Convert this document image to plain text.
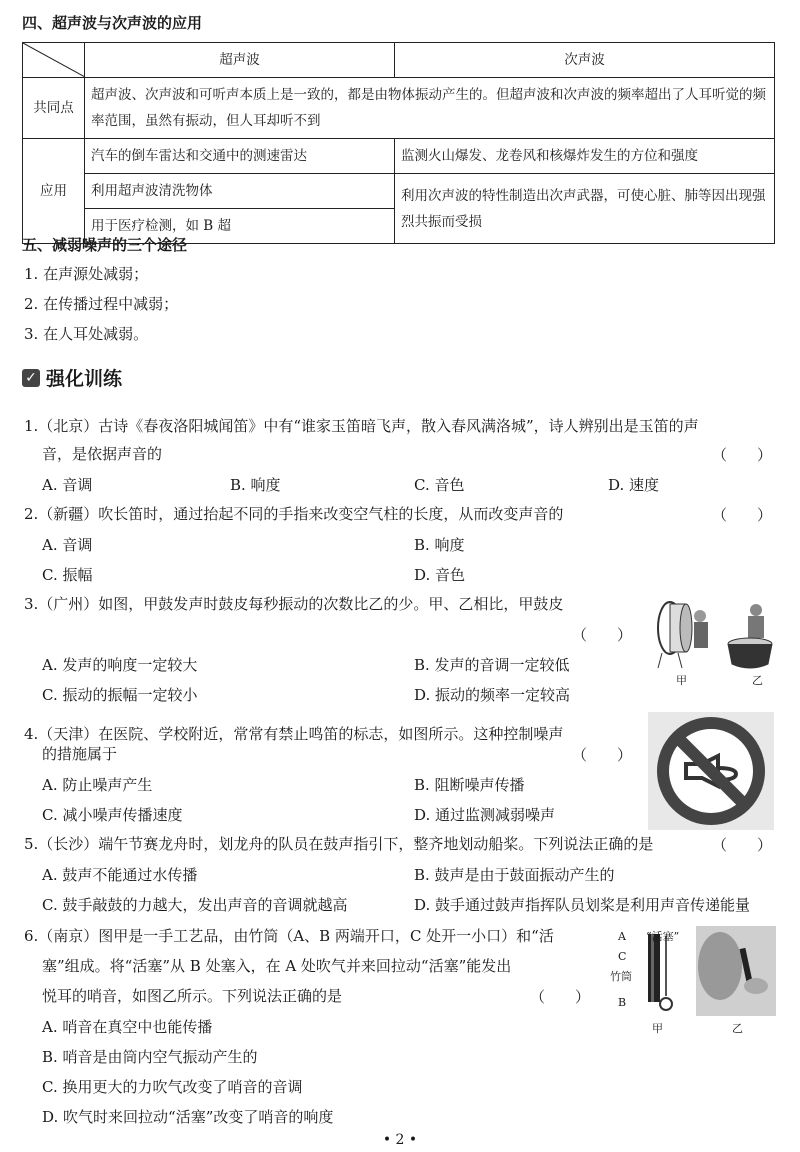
四、超声波与次声波的应用
	超声波	次声波
共同点	超声波、次声波和可听声本质上是一致的，都是由物体振动产生的。但超声波和次声波的频率超出了人耳听觉的频率范围，虽然有振动，但人耳却听不到	
应用	汽车的倒车雷达和交通中的测速雷达	监测火山爆发、龙卷风和核爆炸发生的方位和强度
	利用超声波清洗物体	利用次声波的特性制造出次声武器，可使心脏、肺等因出现强烈共振而受损
	用于医疗检测，如 B 超	
五、减弱噪声的三个途径
1. 在声源处减弱；
2. 在传播过程中减弱；
3. 在人耳处减弱。
✓ 强化训练
1.（北京）古诗《春夜洛阳城闻笛》中有“谁家玉笛暗飞声，散入春风满洛城”，诗人辨别出是玉笛的声
音，是依据声音的	（　　）
A. 音调	B. 响度	C. 音色	D. 速度
2.（新疆）吹长笛时，通过抬起不同的手指来改变空气柱的长度，从而改变声音的	（　　）
A. 音调	B. 响度
C. 振幅	D. 音色
3.（广州）如图，甲鼓发声时鼓皮每秒振动的次数比乙的少。甲、乙相比，甲鼓皮
（　　）
A. 发声的响度一定较大	B. 发声的音调一定较低
C. 振动的振幅一定较小	D. 振动的频率一定较高
甲	乙
4.（天津）在医院、学校附近，常常有禁止鸣笛的标志，如图所示。这种控制噪声
的措施属于	（　　）
A. 防止噪声产生	B. 阻断噪声传播
C. 减小噪声传播速度	D. 通过监测减弱噪声
5.（长沙）端午节赛龙舟时，划龙舟的队员在鼓声指引下，整齐地划动船桨。下列说法正确的是	（　　）
A. 鼓声不能通过水传播	B. 鼓声是由于鼓面振动产生的
C. 鼓手敲鼓的力越大，发出声音的音调就越高	D. 鼓手通过鼓声指挥队员划桨是利用声音传递能量
6.（南京）图甲是一手工艺品，由竹筒（A、B 两端开口，C 处开一小口）和“活
塞”组成。将“活塞”从 B 处塞入，在 A 处吹气并来回拉动“活塞”能发出
悦耳的哨音，如图乙所示。下列说法正确的是	（　　）
A. 哨音在真空中也能传播
B. 哨音是由筒内空气振动产生的
C. 换用更大的力吹气改变了哨音的音调
D. 吹气时来回拉动“活塞”改变了哨音的响度
A
C
B
“活塞”
竹筒
甲	乙
• 2 •
